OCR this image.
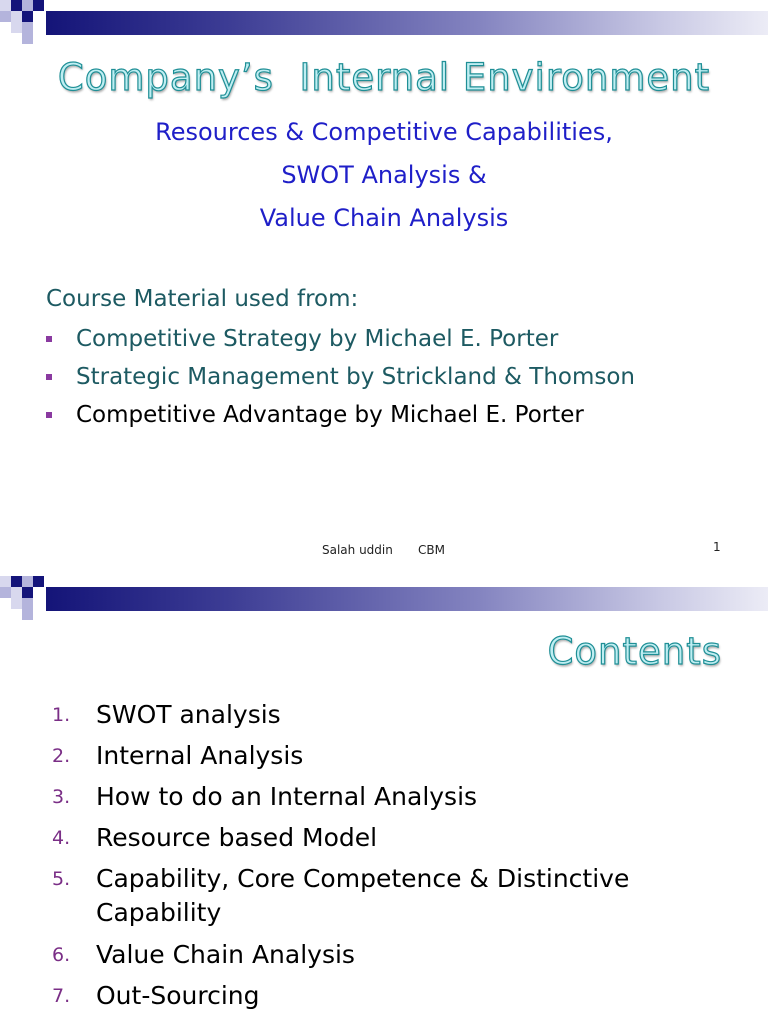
Company’s  Internal Environment
Resources & Competitive Capabilities,
SWOT Analysis &
Value Chain Analysis
Course Material used from:
Competitive Strategy by Michael E. Porter
Strategic Management by Strickland & Thomson
Competitive Advantage by Michael E. Porter
Salah uddin CBM	1
Contents
1. SWOT analysis
2. Internal Analysis
3. How to do an Internal Analysis
4. Resource based Model
5. Capability, Core Competence & Distinctive Capability
6. Value Chain Analysis
7. Out-Sourcing
